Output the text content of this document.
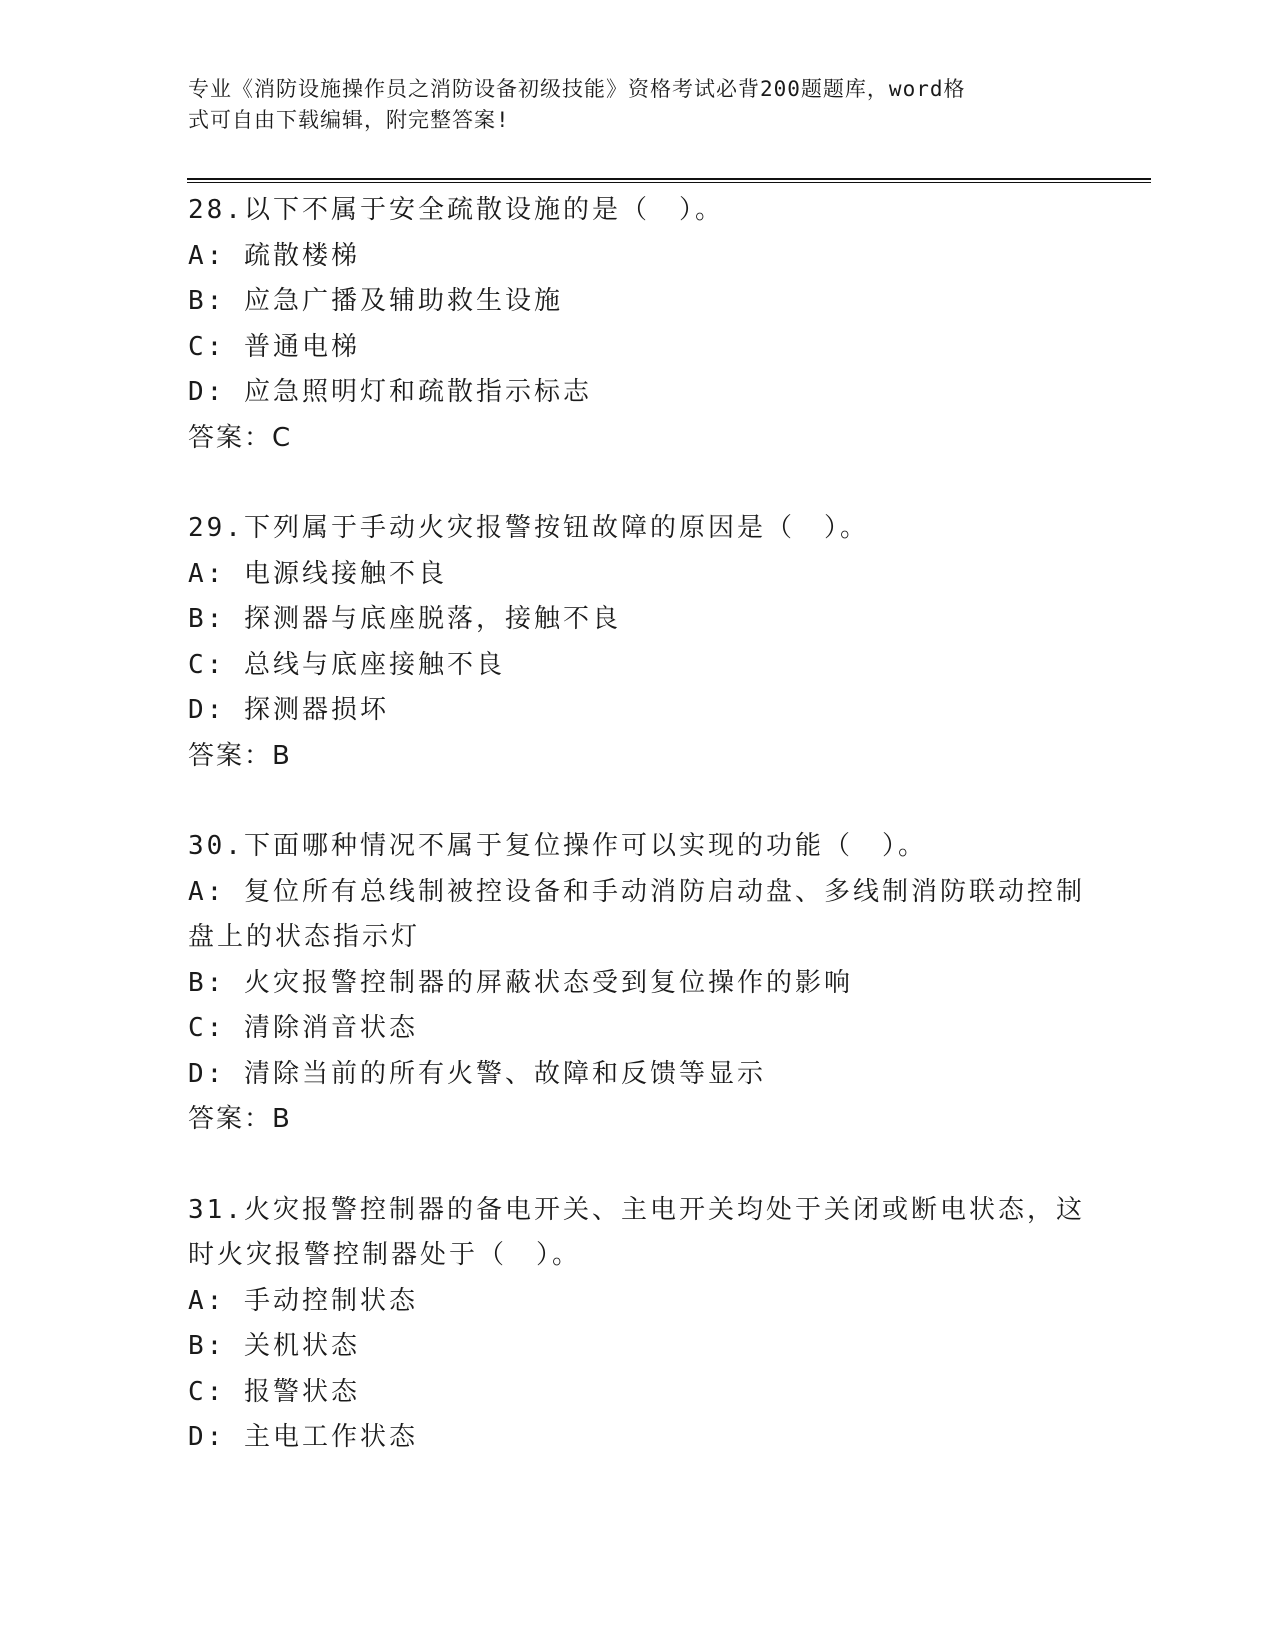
专业《消防设施操作员之消防设备初级技能》资格考试必背200题题库，word格
式可自由下载编辑，附完整答案!
28.以下不属于安全疏散设施的是（　）。
A: 疏散楼梯
B: 应急广播及辅助救生设施
C: 普通电梯
D: 应急照明灯和疏散指示标志
答案：C
29.下列属于手动火灾报警按钮故障的原因是（　）。
A: 电源线接触不良
B: 探测器与底座脱落，接触不良
C: 总线与底座接触不良
D: 探测器损坏
答案：B
30.下面哪种情况不属于复位操作可以实现的功能（　）。
A: 复位所有总线制被控设备和手动消防启动盘、多线制消防联动控制
盘上的状态指示灯
B: 火灾报警控制器的屏蔽状态受到复位操作的影响
C: 清除消音状态
D: 清除当前的所有火警、故障和反馈等显示
答案：B
31.火灾报警控制器的备电开关、主电开关均处于关闭或断电状态，这
时火灾报警控制器处于（　）。
A: 手动控制状态
B: 关机状态
C: 报警状态
D: 主电工作状态
